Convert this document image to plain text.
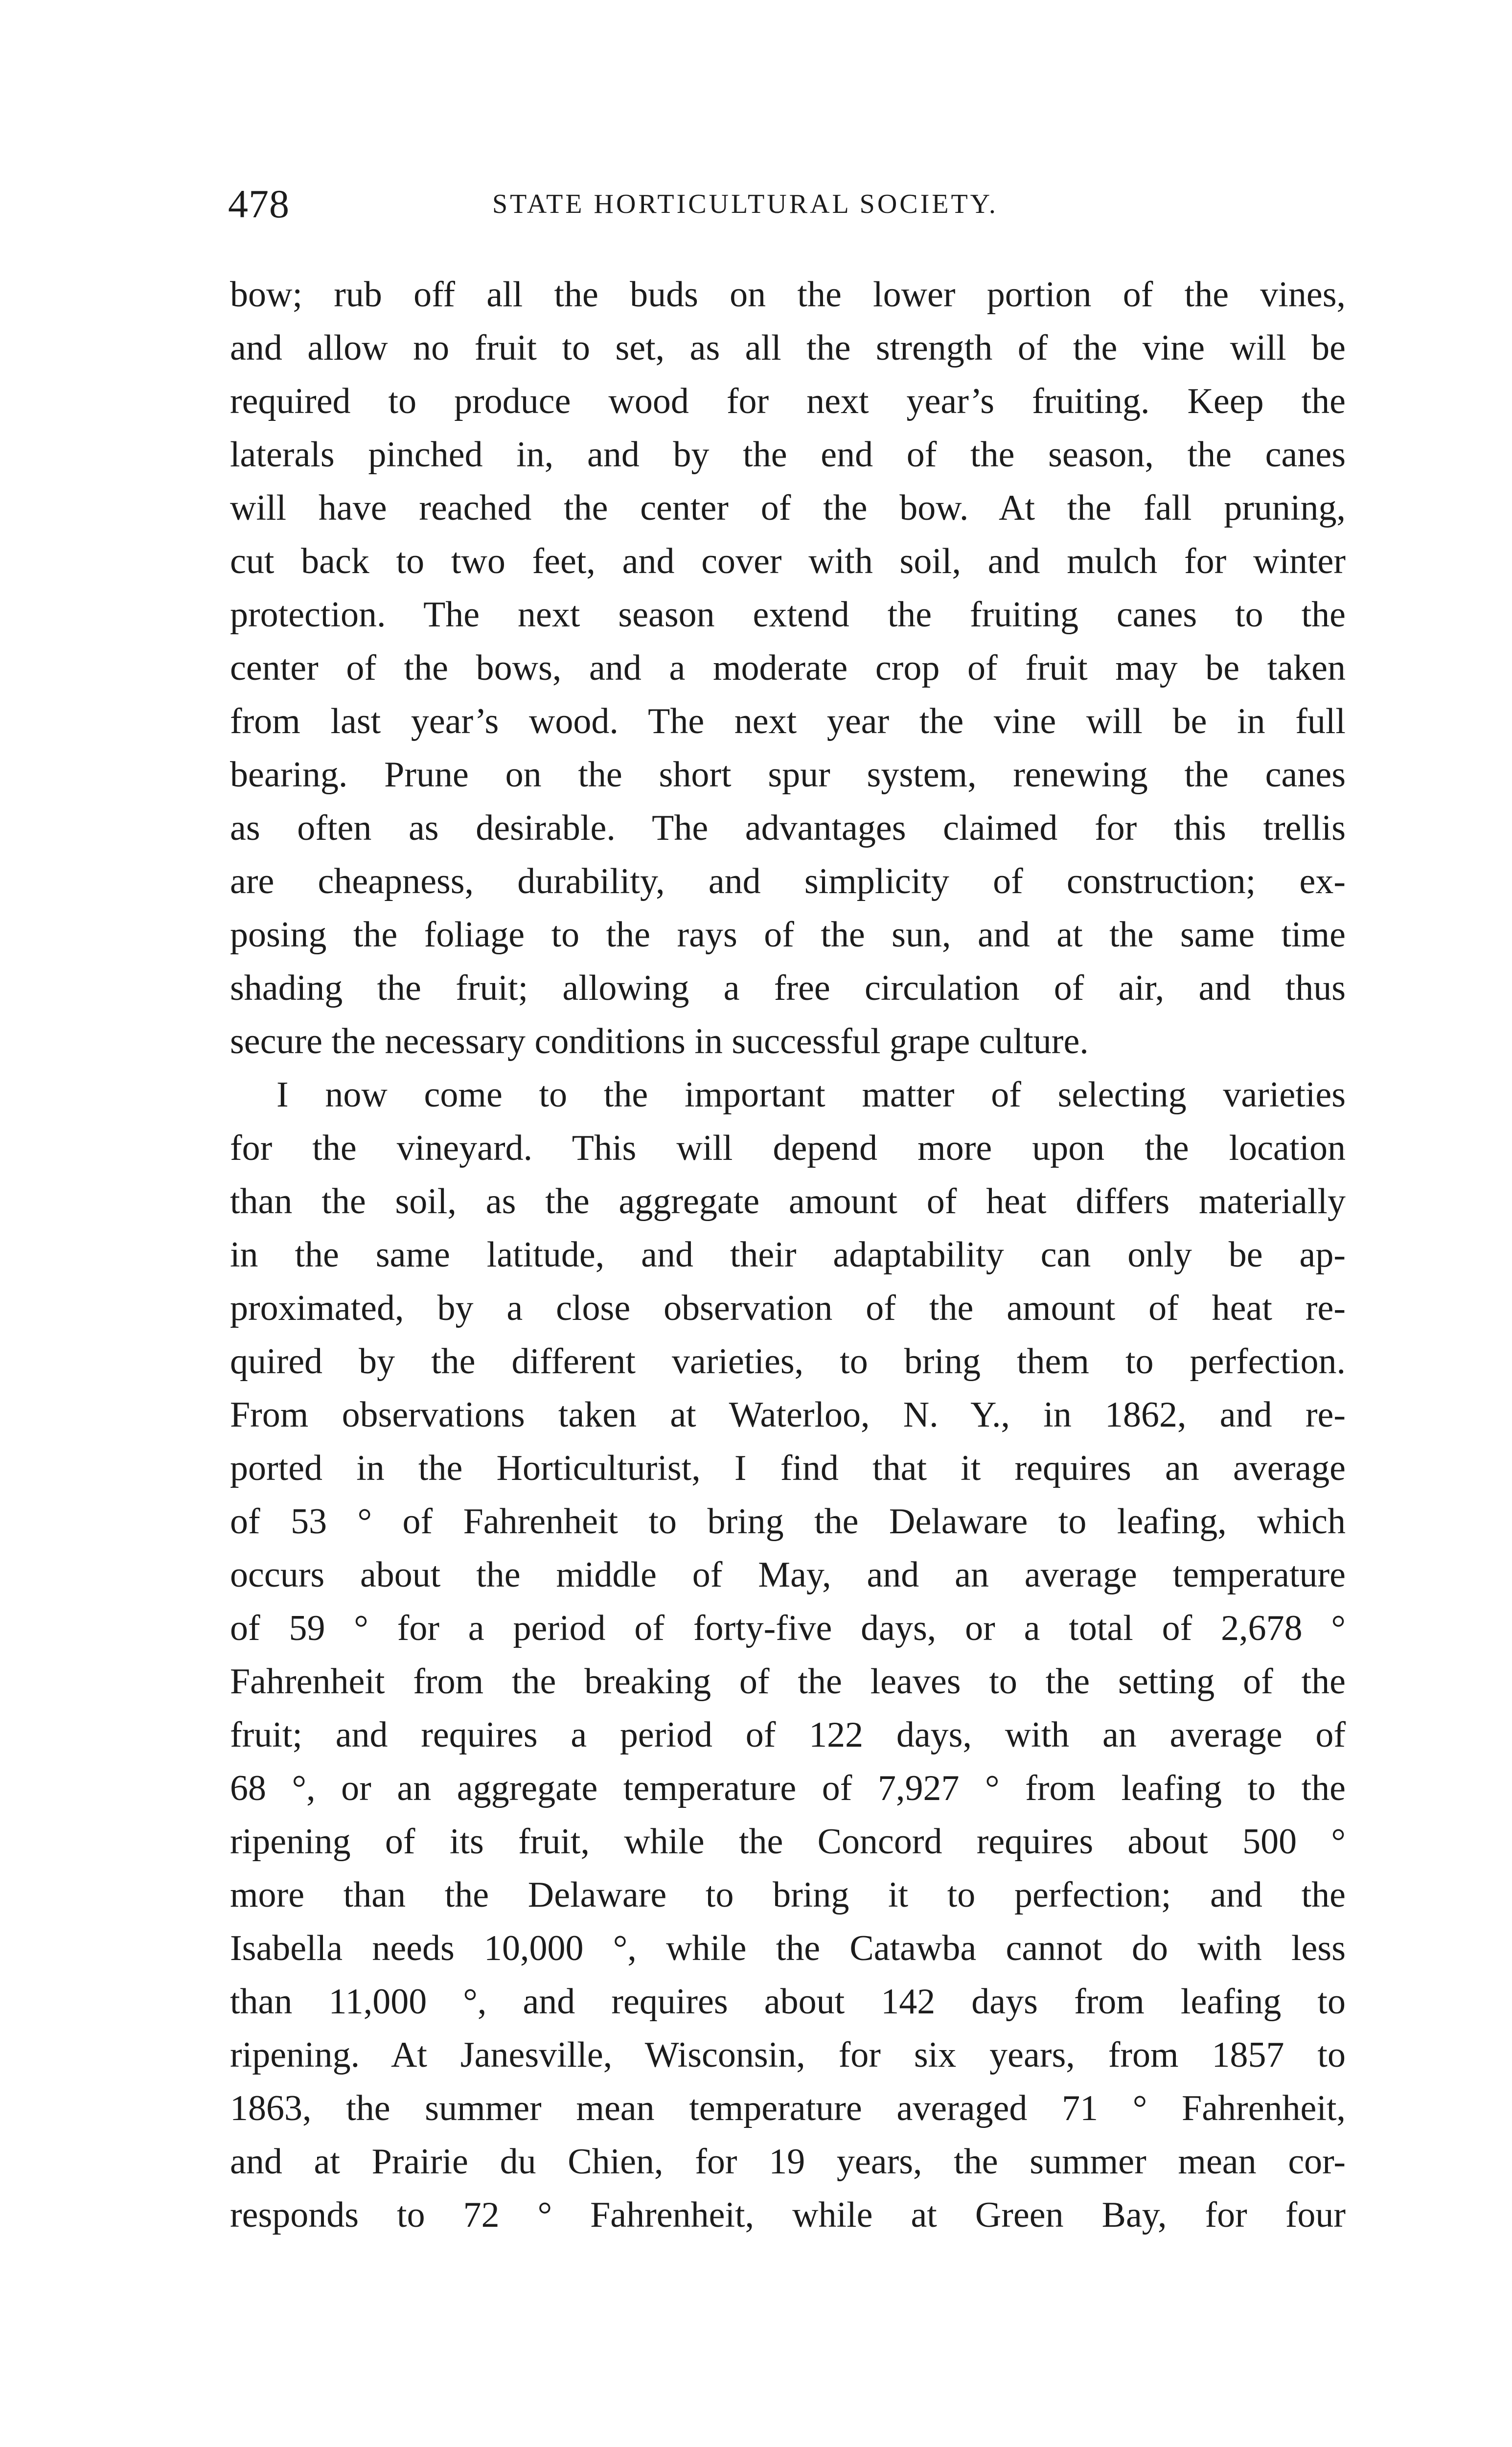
478	STATE HORTICULTURAL SOCIETY.
bow; rub off all the buds on the lower portion of the vines,
and allow no fruit to set, as all the strength of the vine will be
required to produce wood for next year’s fruiting. Keep the
laterals pinched in, and by the end of the season, the canes
will have reached the center of the bow. At the fall pruning,
cut back to two feet, and cover with soil, and mulch for winter
protection. The next season extend the fruiting canes to the
center of the bows, and a moderate crop of fruit may be taken
from last year’s wood. The next year the vine will be in full
bearing. Prune on the short spur system, renewing the canes
as often as desirable. The advantages claimed for this trellis
are cheapness, durability, and simplicity of construction; ex-
posing the foliage to the rays of the sun, and at the same time
shading the fruit; allowing a free circulation of air, and thus
secure the necessary conditions in successful grape culture.
I now come to the important matter of selecting varieties
for the vineyard. This will depend more upon the location
than the soil, as the aggregate amount of heat differs materially
in the same latitude, and their adaptability can only be ap-
proximated, by a close observation of the amount of heat re-
quired by the different varieties, to bring them to perfection.
From observations taken at Waterloo, N. Y., in 1862, and re-
ported in the Horticulturist, I find that it requires an average
of 53 ° of Fahrenheit to bring the Delaware to leafing, which
occurs about the middle of May, and an average temperature
of 59 ° for a period of forty-five days, or a total of 2,678 °
Fahrenheit from the breaking of the leaves to the setting of the
fruit; and requires a period of 122 days, with an average of
68 °, or an aggregate temperature of 7,927 ° from leafing to the
ripening of its fruit, while the Concord requires about 500 °
more than the Delaware to bring it to perfection; and the
Isabella needs 10,000 °, while the Catawba cannot do with less
than 11,000 °, and requires about 142 days from leafing to
ripening. At Janesville, Wisconsin, for six years, from 1857 to
1863, the summer mean temperature averaged 71 ° Fahrenheit,
and at Prairie du Chien, for 19 years, the summer mean cor-
responds to 72 ° Fahrenheit, while at Green Bay, for four
